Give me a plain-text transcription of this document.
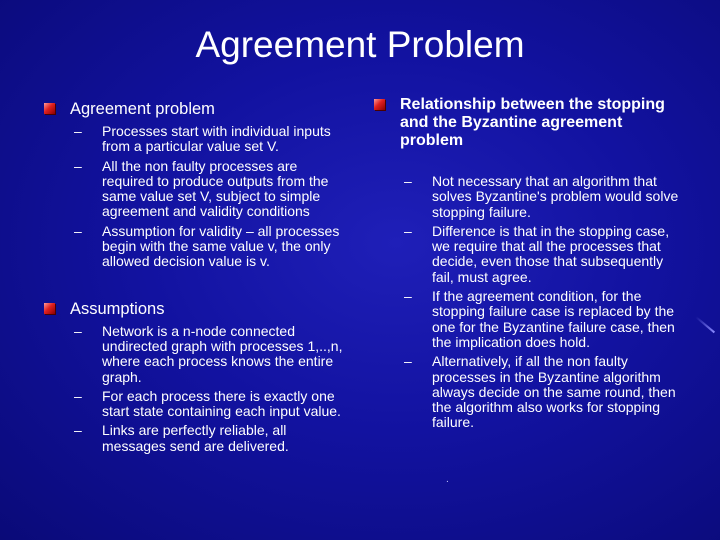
Agreement Problem
Agreement problem
– Processes start with individual inputs from a particular value set V.
– All the non faulty processes are required to produce outputs from the same value set V, subject to simple agreement and validity conditions
– Assumption for validity – all processes begin with the same value v, the only allowed decision value is v.
Assumptions
– Network is a n-node connected undirected graph with processes 1,..,n, where each process knows the entire graph.
– For each process there is exactly one start state containing each input value.
– Links are perfectly reliable, all messages send are delivered.
Relationship between the stopping and the Byzantine agreement problem
– Not necessary that an algorithm that solves Byzantine's problem would solve stopping failure.
– Difference is that in the stopping case, we require that all the processes that decide, even those that subsequently fail, must agree.
– If the agreement condition, for the stopping failure case is replaced by the one for the Byzantine failure case, then the implication does hold.
– Alternatively, if all the non faulty processes in the Byzantine algorithm always decide on the same round, then the algorithm also works for stopping failure.
.
